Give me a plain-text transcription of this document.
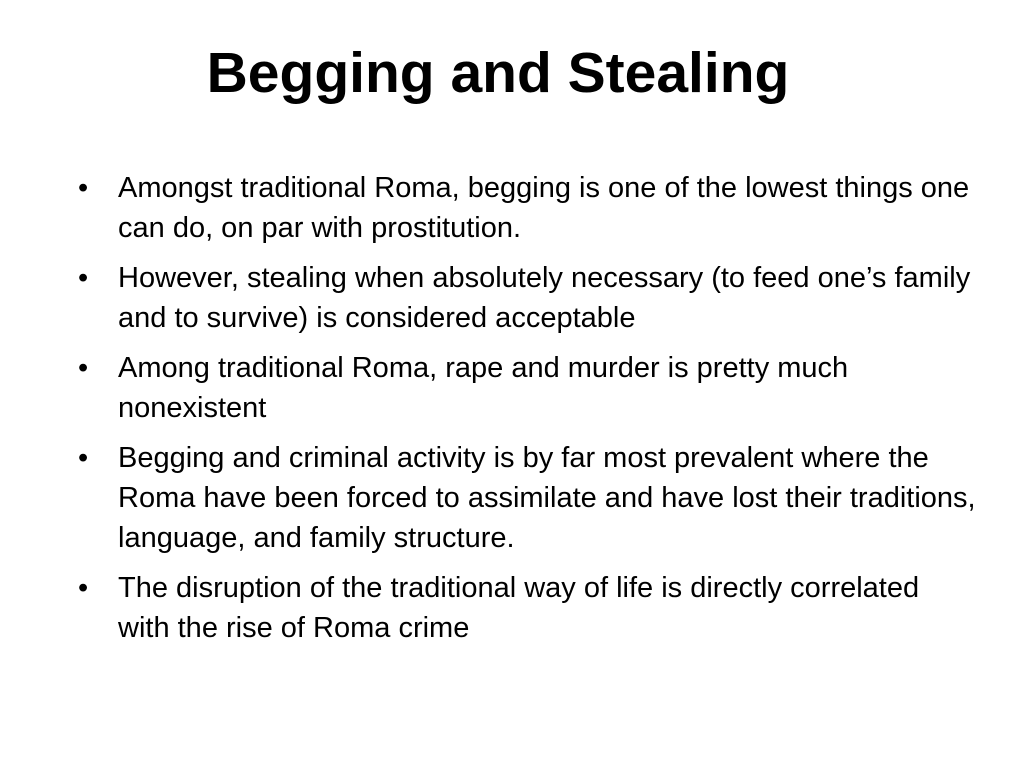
Begging and Stealing
•	Amongst traditional Roma, begging is one of the lowest things one can do, on par with prostitution.
•	However, stealing when absolutely necessary (to feed one’s family and to survive) is considered acceptable
•	Among traditional Roma, rape and murder is pretty much nonexistent
•	Begging and criminal activity is by far most prevalent where the Roma have been forced to assimilate and have lost their traditions, language, and family structure.
•	The disruption of the traditional way of life is directly correlated with the rise of Roma crime
